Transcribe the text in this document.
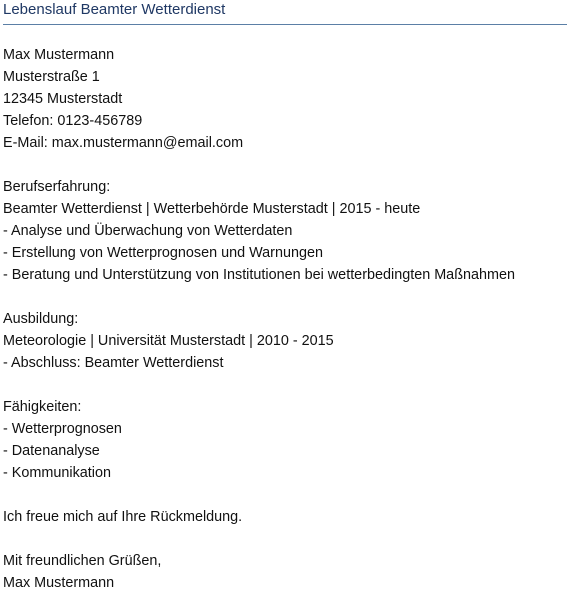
Lebenslauf Beamter Wetterdienst
Max Mustermann
Musterstraße 1
12345 Musterstadt
Telefon: 0123-456789
E-Mail: max.mustermann@email.com
Berufserfahrung:
Beamter Wetterdienst | Wetterbehörde Musterstadt | 2015 - heute
- Analyse und Überwachung von Wetterdaten
- Erstellung von Wetterprognosen und Warnungen
- Beratung und Unterstützung von Institutionen bei wetterbedingten Maßnahmen
Ausbildung:
Meteorologie | Universität Musterstadt | 2010 - 2015
- Abschluss: Beamter Wetterdienst
Fähigkeiten:
- Wetterprognosen
- Datenanalyse
- Kommunikation
Ich freue mich auf Ihre Rückmeldung.
Mit freundlichen Grüßen,
Max Mustermann
